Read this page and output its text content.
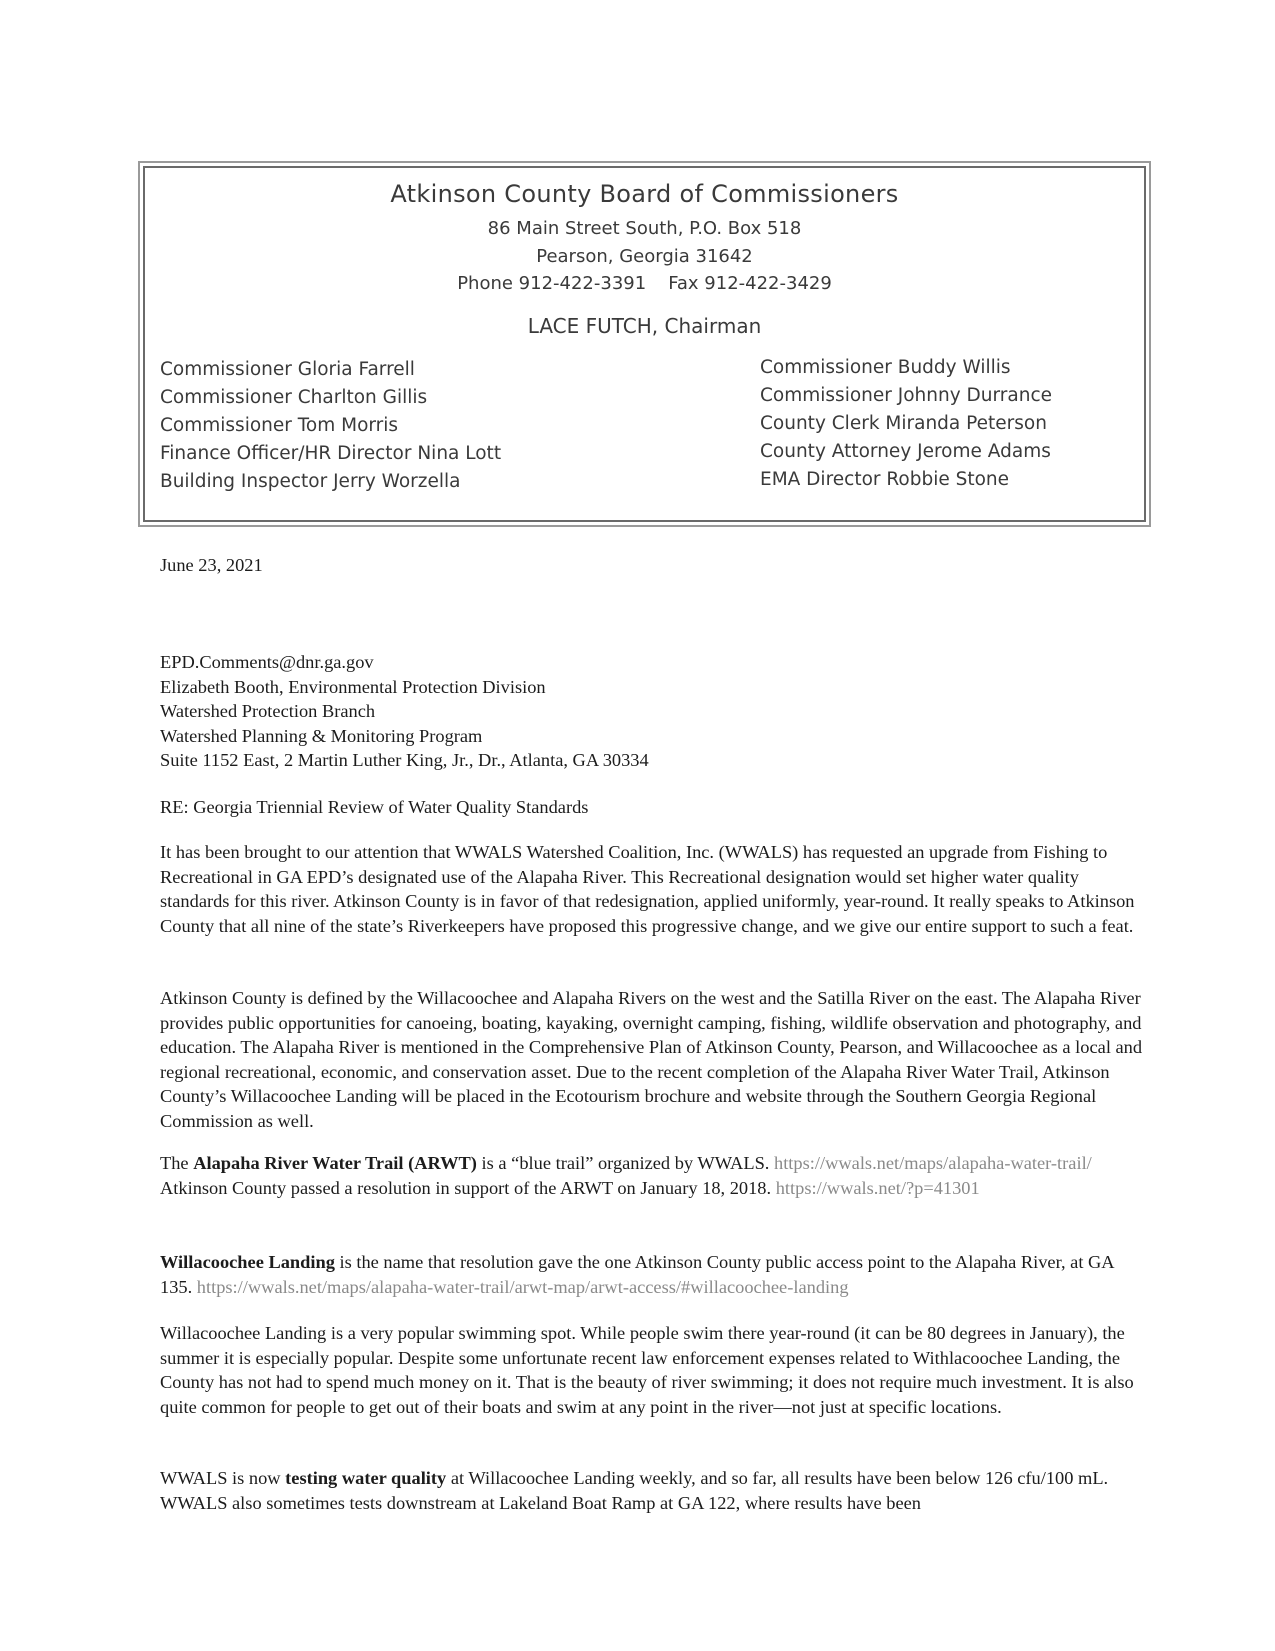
Atkinson County Board of Commissioners
86 Main Street South, P.O. Box 518
Pearson, Georgia 31642
Phone 912-422-3391 Fax 912-422-3429
LACE FUTCH, Chairman
Commissioner Gloria Farrell
Commissioner Charlton Gillis
Commissioner Tom Morris
Finance Officer/HR Director Nina Lott
Building Inspector Jerry Worzella
Commissioner Buddy Willis
Commissioner Johnny Durrance
County Clerk Miranda Peterson
County Attorney Jerome Adams
EMA Director Robbie Stone
June 23, 2021
EPD.Comments@dnr.ga.gov
Elizabeth Booth, Environmental Protection Division
Watershed Protection Branch
Watershed Planning & Monitoring Program
Suite 1152 East, 2 Martin Luther King, Jr., Dr., Atlanta, GA 30334
RE: Georgia Triennial Review of Water Quality Standards

It has been brought to our attention that WWALS Watershed Coalition, Inc. (WWALS) has requested an upgrade from Fishing to Recreational in GA EPD’s designated use of the Alapaha River. This Recreational designation would set higher water quality standards for this river. Atkinson County is in favor of that redesignation, applied uniformly, year-round. It really speaks to Atkinson County that all nine of the state’s Riverkeepers have proposed this progressive change, and we give our entire support to such a feat.

Atkinson County is defined by the Willacoochee and Alapaha Rivers on the west and the Satilla River on the east. The Alapaha River provides public opportunities for canoeing, boating, kayaking, overnight camping, fishing, wildlife observation and photography, and education. The Alapaha River is mentioned in the Comprehensive Plan of Atkinson County, Pearson, and Willacoochee as a local and regional recreational, economic, and conservation asset. Due to the recent completion of the Alapaha River Water Trail, Atkinson County’s Willacoochee Landing will be placed in the Ecotourism brochure and website through the Southern Georgia Regional Commission as well.

The Alapaha River Water Trail (ARWT) is a “blue trail” organized by WWALS. https://wwals.net/maps/alapaha-water-trail/
Atkinson County passed a resolution in support of the ARWT on January 18, 2018. https://wwals.net/?p=41301

Willacoochee Landing is the name that resolution gave the one Atkinson County public access point to the Alapaha River, at GA 135. https://wwals.net/maps/alapaha-water-trail/arwt-map/arwt-access/#willacoochee-landing

Willacoochee Landing is a very popular swimming spot. While people swim there year-round (it can be 80 degrees in January), the summer it is especially popular. Despite some unfortunate recent law enforcement expenses related to Withlacoochee Landing, the County has not had to spend much money on it. That is the beauty of river swimming; it does not require much investment. It is also quite common for people to get out of their boats and swim at any point in the river—not just at specific locations.

WWALS is now testing water quality at Willacoochee Landing weekly, and so far, all results have been below 126 cfu/100 mL. WWALS also sometimes tests downstream at Lakeland Boat Ramp at GA 122, where results have been
